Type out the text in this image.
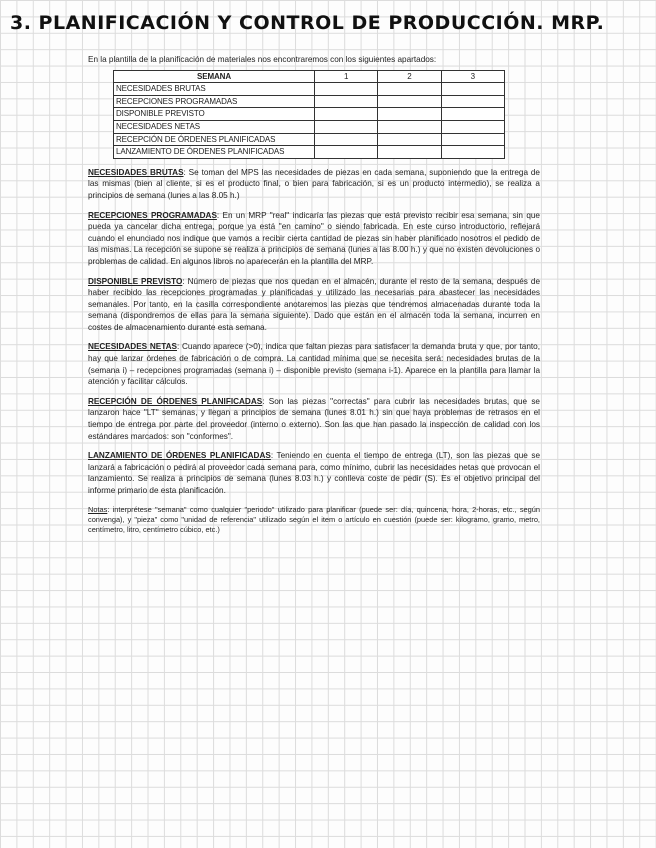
3. PLANIFICACIÓN Y CONTROL DE PRODUCCIÓN. MRP.

En la plantilla de la planificación de materiales nos encontraremos con los siguientes apartados:

SEMANA	1	2	3
NECESIDADES BRUTAS			
RECEPCIONES PROGRAMADAS			
DISPONIBLE PREVISTO			
NECESIDADES NETAS			
RECEPCIÓN DE ÓRDENES PLANIFICADAS			
LANZAMIENTO DE ÓRDENES PLANIFICADAS			

NECESIDADES BRUTAS: Se toman del MPS las necesidades de piezas en cada semana, suponiendo que la entrega de las mismas (bien al cliente, si es el producto final, o bien para fabricación, si es un producto intermedio), se realiza a principios de semana (lunes a las 8.05 h.)

RECEPCIONES PROGRAMADAS: En un MRP "real" indicaría las piezas que está previsto recibir esa semana, sin que pueda ya cancelar dicha entrega, porque ya está "en camino" o siendo fabricada. En este curso introductorio, reflejará cuando el enunciado nos indique que vamos a recibir cierta cantidad de piezas sin haber planificado nosotros el pedido de las mismas. La recepción se supone se realiza a principios de semana (lunes a las 8.00 h.) y que no existen devoluciones o problemas de calidad. En algunos libros no aparecerán en la plantilla del MRP.

DISPONIBLE PREVISTO: Número de piezas que nos quedan en el almacén, durante el resto de la semana, después de haber recibido las recepciones programadas y planificadas y utilizado las necesarias para abastecer las necesidades semanales. Por tanto, en la casilla correspondiente anotaremos las piezas que tendremos almacenadas durante toda la semana (dispondremos de ellas para la semana siguiente). Dado que están en el almacén toda la semana, incurren en costes de almacenamiento durante esta semana.

NECESIDADES NETAS: Cuando aparece (>0), indica que faltan piezas para satisfacer la demanda bruta y que, por tanto, hay que lanzar órdenes de fabricación o de compra. La cantidad mínima que se necesita será: necesidades brutas de la (semana i) – recepciones programadas (semana i) – disponible previsto (semana i-1). Aparece en la plantilla para llamar la atención y facilitar cálculos.

RECEPCIÓN DE ÓRDENES PLANIFICADAS: Son las piezas "correctas" para cubrir las necesidades brutas, que se lanzaron hace "LT" semanas, y llegan a principios de semana (lunes 8.01 h.) sin que haya problemas de retrasos en el tiempo de entrega por parte del proveedor (interno o externo). Son las que han pasado la inspección de calidad con los estándares marcados: son "conformes".

LANZAMIENTO DE ÓRDENES PLANIFICADAS: Teniendo en cuenta el tiempo de entrega (LT), son las piezas que se lanzará a fabricación o pedirá al proveedor cada semana para, como mínimo, cubrir las necesidades netas que provocan el lanzamiento. Se realiza a principios de semana (lunes 8.03 h.) y conlleva coste de pedir (S). Es el objetivo principal del informe primario de esta planificación.

Notas: interprétese "semana" como cualquier "periodo" utilizado para planificar (puede ser: día, quincena, hora, 2-horas, etc., según convenga), y "pieza" como "unidad de referencia" utilizado según el item o artículo en cuestión (puede ser: kilogramo, gramo, metro, centímetro, litro, centímetro cúbico, etc.)
